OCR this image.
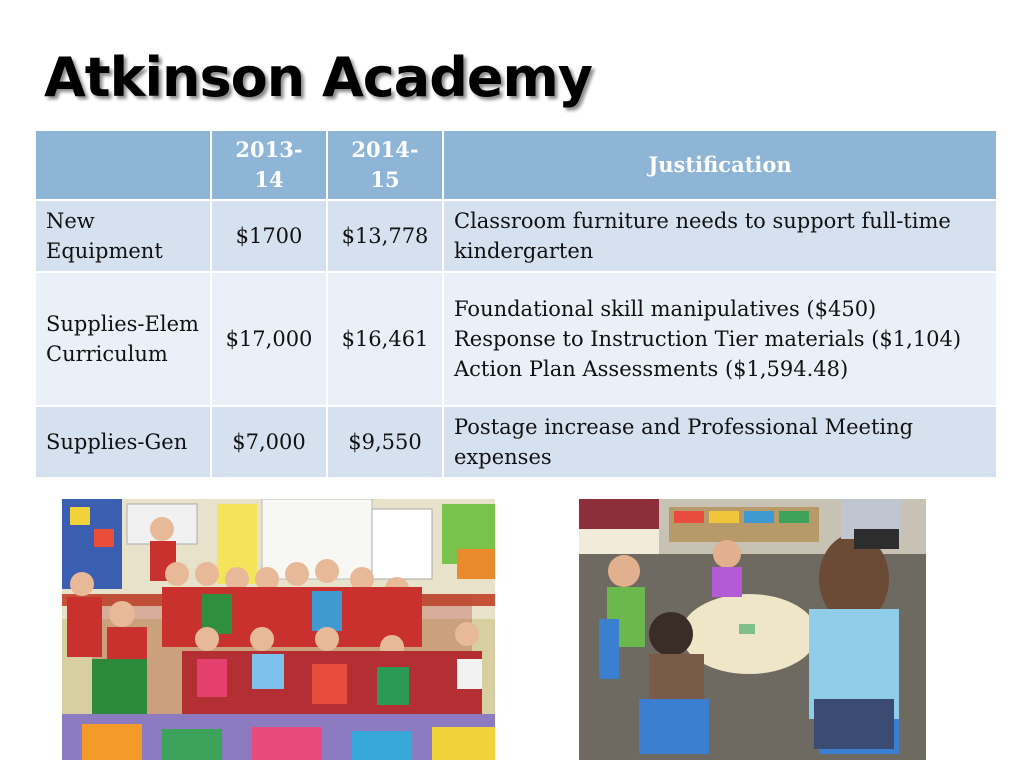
Atkinson Academy
	2013-14	2014-15	Justification
New Equipment	$1700	$13,778	Classroom furniture needs to support full-time kindergarten

Supplies-Elem Curriculum	$17,000	$16,461	Foundational skill manipulatives ($450)
Response to Instruction Tier materials ($1,104)
Action Plan Assessments ($1,594.48)

Supplies-Gen	$7,000	$9,550	Postage increase and Professional Meeting expenses
